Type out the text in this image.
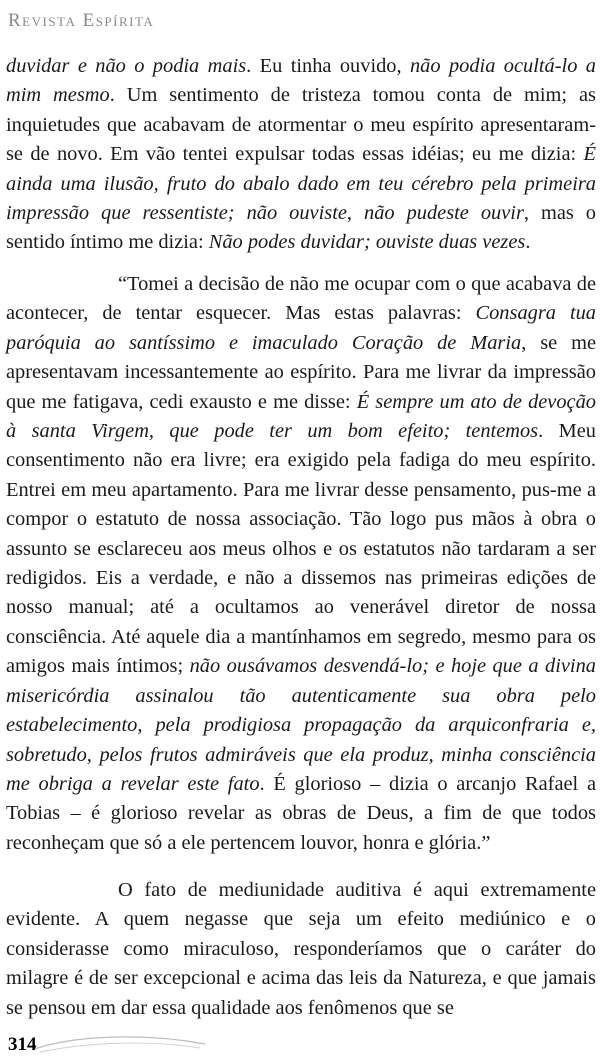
Revista Espírita

duvidar e não o podia mais. Eu tinha ouvido, não podia ocultá-lo a mim mesmo. Um sentimento de tristeza tomou conta de mim; as inquietudes que acabavam de atormentar o meu espírito apresentaram-se de novo. Em vão tentei expulsar todas essas idéias; eu me dizia: É ainda uma ilusão, fruto do abalo dado em teu cérebro pela primeira impressão que ressentiste; não ouviste, não pudeste ouvir, mas o sentido íntimo me dizia: Não podes duvidar; ouviste duas vezes.

“Tomei a decisão de não me ocupar com o que acabava de acontecer, de tentar esquecer. Mas estas palavras: Consagra tua paróquia ao santíssimo e imaculado Coração de Maria, se me apresentavam incessantemente ao espírito. Para me livrar da impressão que me fatigava, cedi exausto e me disse: É sempre um ato de devoção à santa Virgem, que pode ter um bom efeito; tentemos. Meu consentimento não era livre; era exigido pela fadiga do meu espírito. Entrei em meu apartamento. Para me livrar desse pensamento, pus-me a compor o estatuto de nossa associação. Tão logo pus mãos à obra o assunto se esclareceu aos meus olhos e os estatutos não tardaram a ser redigidos. Eis a verdade, e não a dissemos nas primeiras edições de nosso manual; até a ocultamos ao venerável diretor de nossa consciência. Até aquele dia a mantínhamos em segredo, mesmo para os amigos mais íntimos; não ousávamos desvendá-lo; e hoje que a divina misericórdia assinalou tão autenticamente sua obra pelo estabelecimento, pela prodigiosa propagação da arquiconfraria e, sobretudo, pelos frutos admiráveis que ela produz, minha consciência me obriga a revelar este fato. É glorioso – dizia o arcanjo Rafael a Tobias – é glorioso revelar as obras de Deus, a fim de que todos reconheçam que só a ele pertencem louvor, honra e glória.”

O fato de mediunidade auditiva é aqui extremamente evidente. A quem negasse que seja um efeito mediúnico e o considerasse como miraculoso, responderíamos que o caráter do milagre é de ser excepcional e acima das leis da Natureza, e que jamais se pensou em dar essa qualidade aos fenômenos que se

314
